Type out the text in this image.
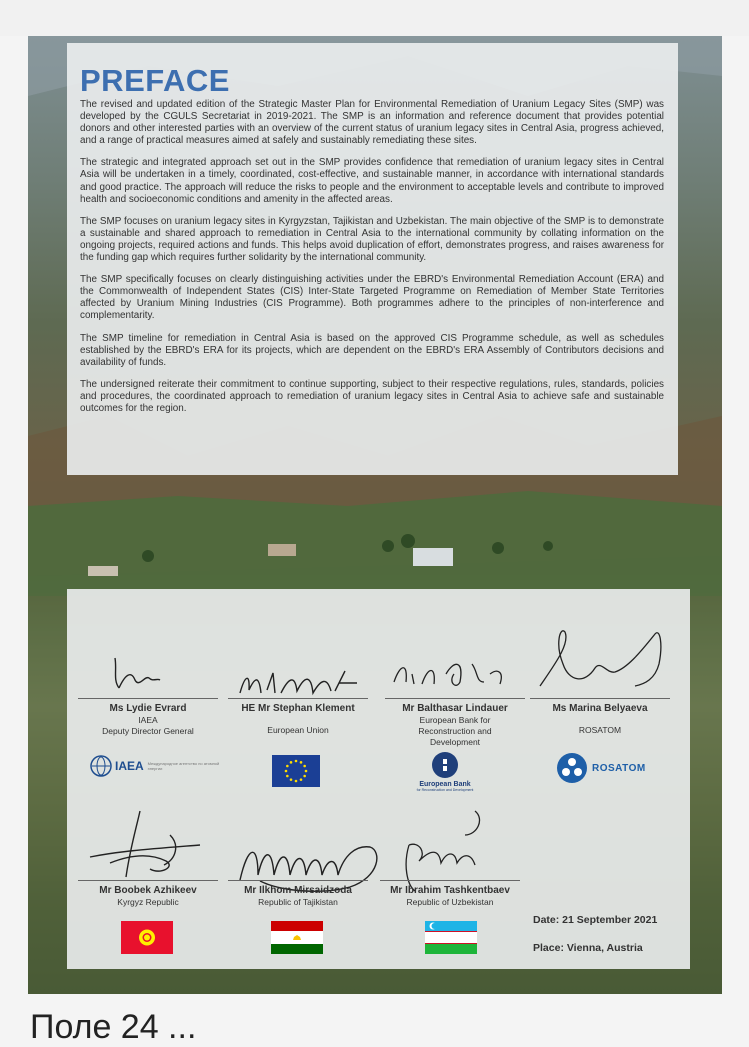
PREFACE

The revised and updated edition of the Strategic Master Plan for Environmental Remediation of Uranium Legacy Sites (SMP) was developed by the CGULS Secretariat in 2019-2021. The SMP is an information and reference document that provides potential donors and other interested parties with an overview of the current status of uranium legacy sites in Central Asia, progress achieved, and a range of practical measures aimed at safely and sustainably remediating these sites.

The strategic and integrated approach set out in the SMP provides confidence that remediation of uranium legacy sites in Central Asia will be undertaken in a timely, coordinated, cost-effective, and sustainable manner, in accordance with international standards and good practice. The approach will reduce the risks to people and the environment to acceptable levels and contribute to improved health and socioeconomic conditions and amenity in the affected areas.

The SMP focuses on uranium legacy sites in Kyrgyzstan, Tajikistan and Uzbekistan. The main objective of the SMP is to demonstrate a sustainable and shared approach to remediation in Central Asia to the international community by collating information on the ongoing projects, required actions and funds. This helps avoid duplication of effort, demonstrates progress, and raises awareness for the funding gap which requires further solidarity by the international community.

The SMP specifically focuses on clearly distinguishing activities under the EBRD's Environmental Remediation Account (ERA) and the Commonwealth of Independent States (CIS) Inter-State Targeted Programme on Remediation of Member State Territories affected by Uranium Mining Industries (CIS Programme). Both programmes adhere to the principles of non-interference and complementarity.

The SMP timeline for remediation in Central Asia is based on the approved CIS Programme schedule, as well as schedules established by the EBRD's ERA for its projects, which are dependent on the EBRD's ERA Assembly of Contributors decisions and availability of funds.

The undersigned reiterate their commitment to continue supporting, subject to their respective regulations, rules, standards, policies and procedures, the coordinated approach to remediation of uranium legacy sites in Central Asia to achieve safe and sustainable outcomes for the region.

Ms Lydie Evrard
IAEA
Deputy Director General
HE Mr Stephan Klement
European Union
Mr Balthasar Lindauer
European Bank for Reconstruction and Development
Ms Marina Belyaeva
ROSATOM
IAEA Международное агентство по атомной энергии
European Bank
for Reconstruction and Development
ROSATOM
Mr Boobek Azhikeev
Kyrgyz Republic
Mr Ilkhom Mirsaidzoda
Republic of Tajikistan
Mr Ibrahim Tashkentbaev
Republic of Uzbekistan
Date: 21 September 2021
Place: Vienna, Austria
Поле 24 ...
